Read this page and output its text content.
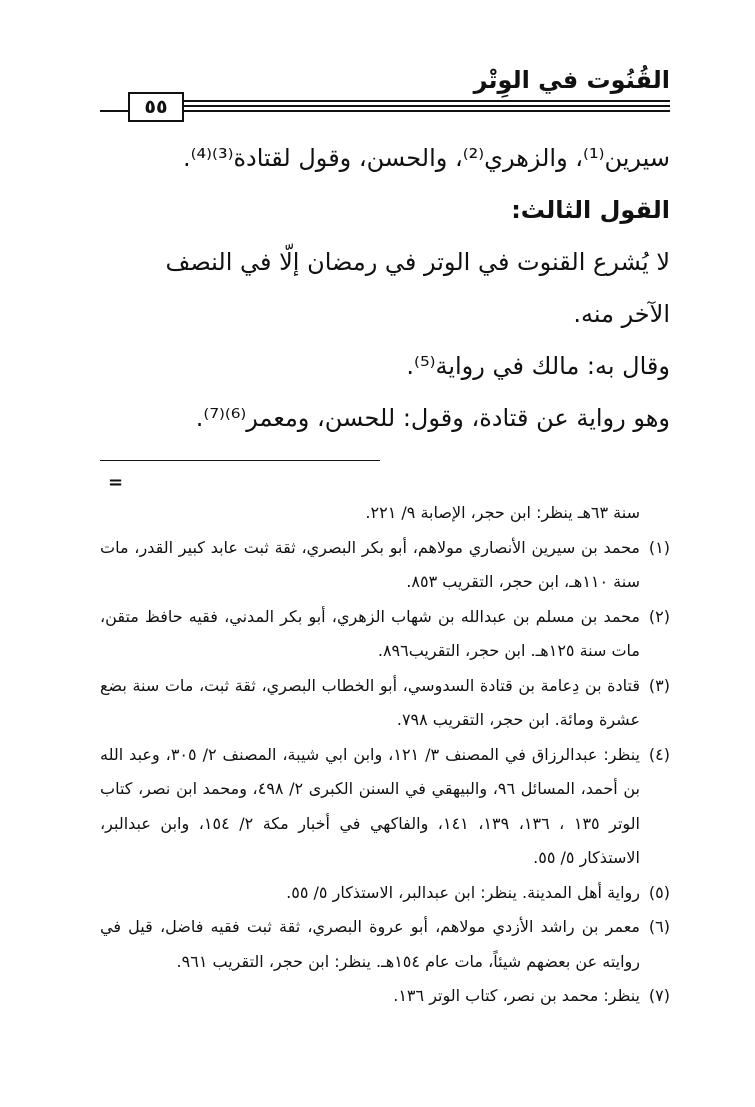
القُنُوت في الوِتْر
٥٥

سيرين⁽¹⁾، والزهري⁽²⁾، والحسن، وقول لقتادة⁽³⁾⁽⁴⁾.

القول الثالث:

لا يُشرع القنوت في الوتر في رمضان إلّا في النصف

الآخر منه.

وقال به: مالك في رواية⁽⁵⁾.

وهو رواية عن قتادة، وقول: للحسن، ومعمر⁽⁶⁾⁽⁷⁾.

=

سنة ٦٣هـ ينظر: ابن حجر، الإصابة ٩/ ٢٢١.

(١)
محمد بن سيرين الأنصاري مولاهم، أبو بكر البصري، ثقة ثبت عابد كبير القدر، مات سنة ١١٠هـ، ابن حجر، التقريب ٨٥٣.

(٢)
محمد بن مسلم بن عبدالله بن شهاب الزهري، أبو بكر المدني، فقيه حافظ متقن، مات سنة ١٢٥هـ. ابن حجر، التقريب٨٩٦.

(٣)
قتادة بن دِعامة بن قتادة السدوسي، أبو الخطاب البصري، ثقة ثبت، مات سنة بضع عشرة ومائة. ابن حجر، التقريب ٧٩٨.

(٤)
ينظر: عبدالرزاق في المصنف ٣/ ١٢١، وابن ابي شيبة، المصنف ٢/ ٣٠٥، وعبد الله بن أحمد، المسائل ٩٦، والبيهقي في السنن الكبرى ٢/ ٤٩٨، ومحمد ابن نصر، كتاب الوتر ١٣٥ ، ١٣٦، ١٣٩، ١٤١، والفاكهي في أخبار مكة ٢/ ١٥٤، وابن عبدالبر، الاستذكار ٥/ ٥٥.

(٥)
رواية أهل المدينة. ينظر: ابن عبدالبر، الاستذكار ٥/ ٥٥.

(٦)
معمر بن راشد الأزدي مولاهم، أبو عروة البصري، ثقة ثبت فقيه فاضل، قيل في روايته عن بعضهم شيئاً، مات عام ١٥٤هـ. ينظر: ابن حجر، التقريب ٩٦١.

(٧)
ينظر: محمد بن نصر، كتاب الوتر ١٣٦.
